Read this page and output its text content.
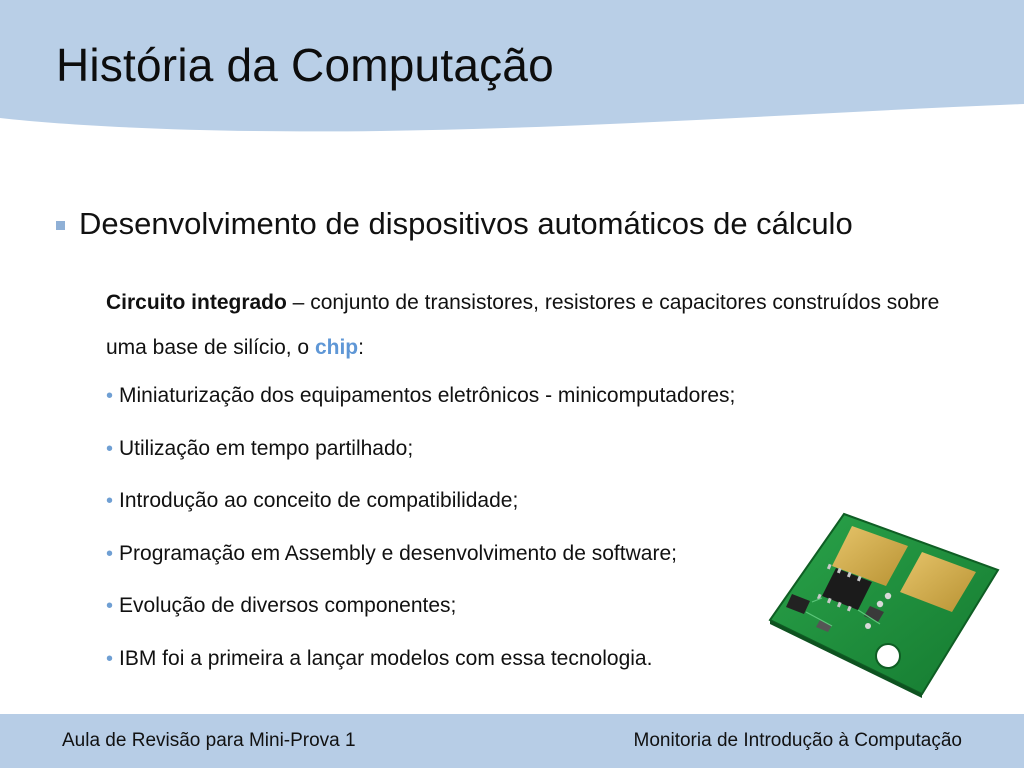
História da Computação
Desenvolvimento de dispositivos automáticos de cálculo

Circuito integrado – conjunto de transistores, resistores e capacitores construídos sobre uma base de silício, o chip:

• Miniaturização dos equipamentos eletrônicos - minicomputadores;
• Utilização em tempo partilhado;
• Introdução ao conceito de compatibilidade;
• Programação em Assembly e desenvolvimento de software;
• Evolução de diversos componentes;
• IBM foi a primeira a lançar modelos com essa tecnologia.
Aula de Revisão para Mini-Prova 1	Monitoria de Introdução à Computação
